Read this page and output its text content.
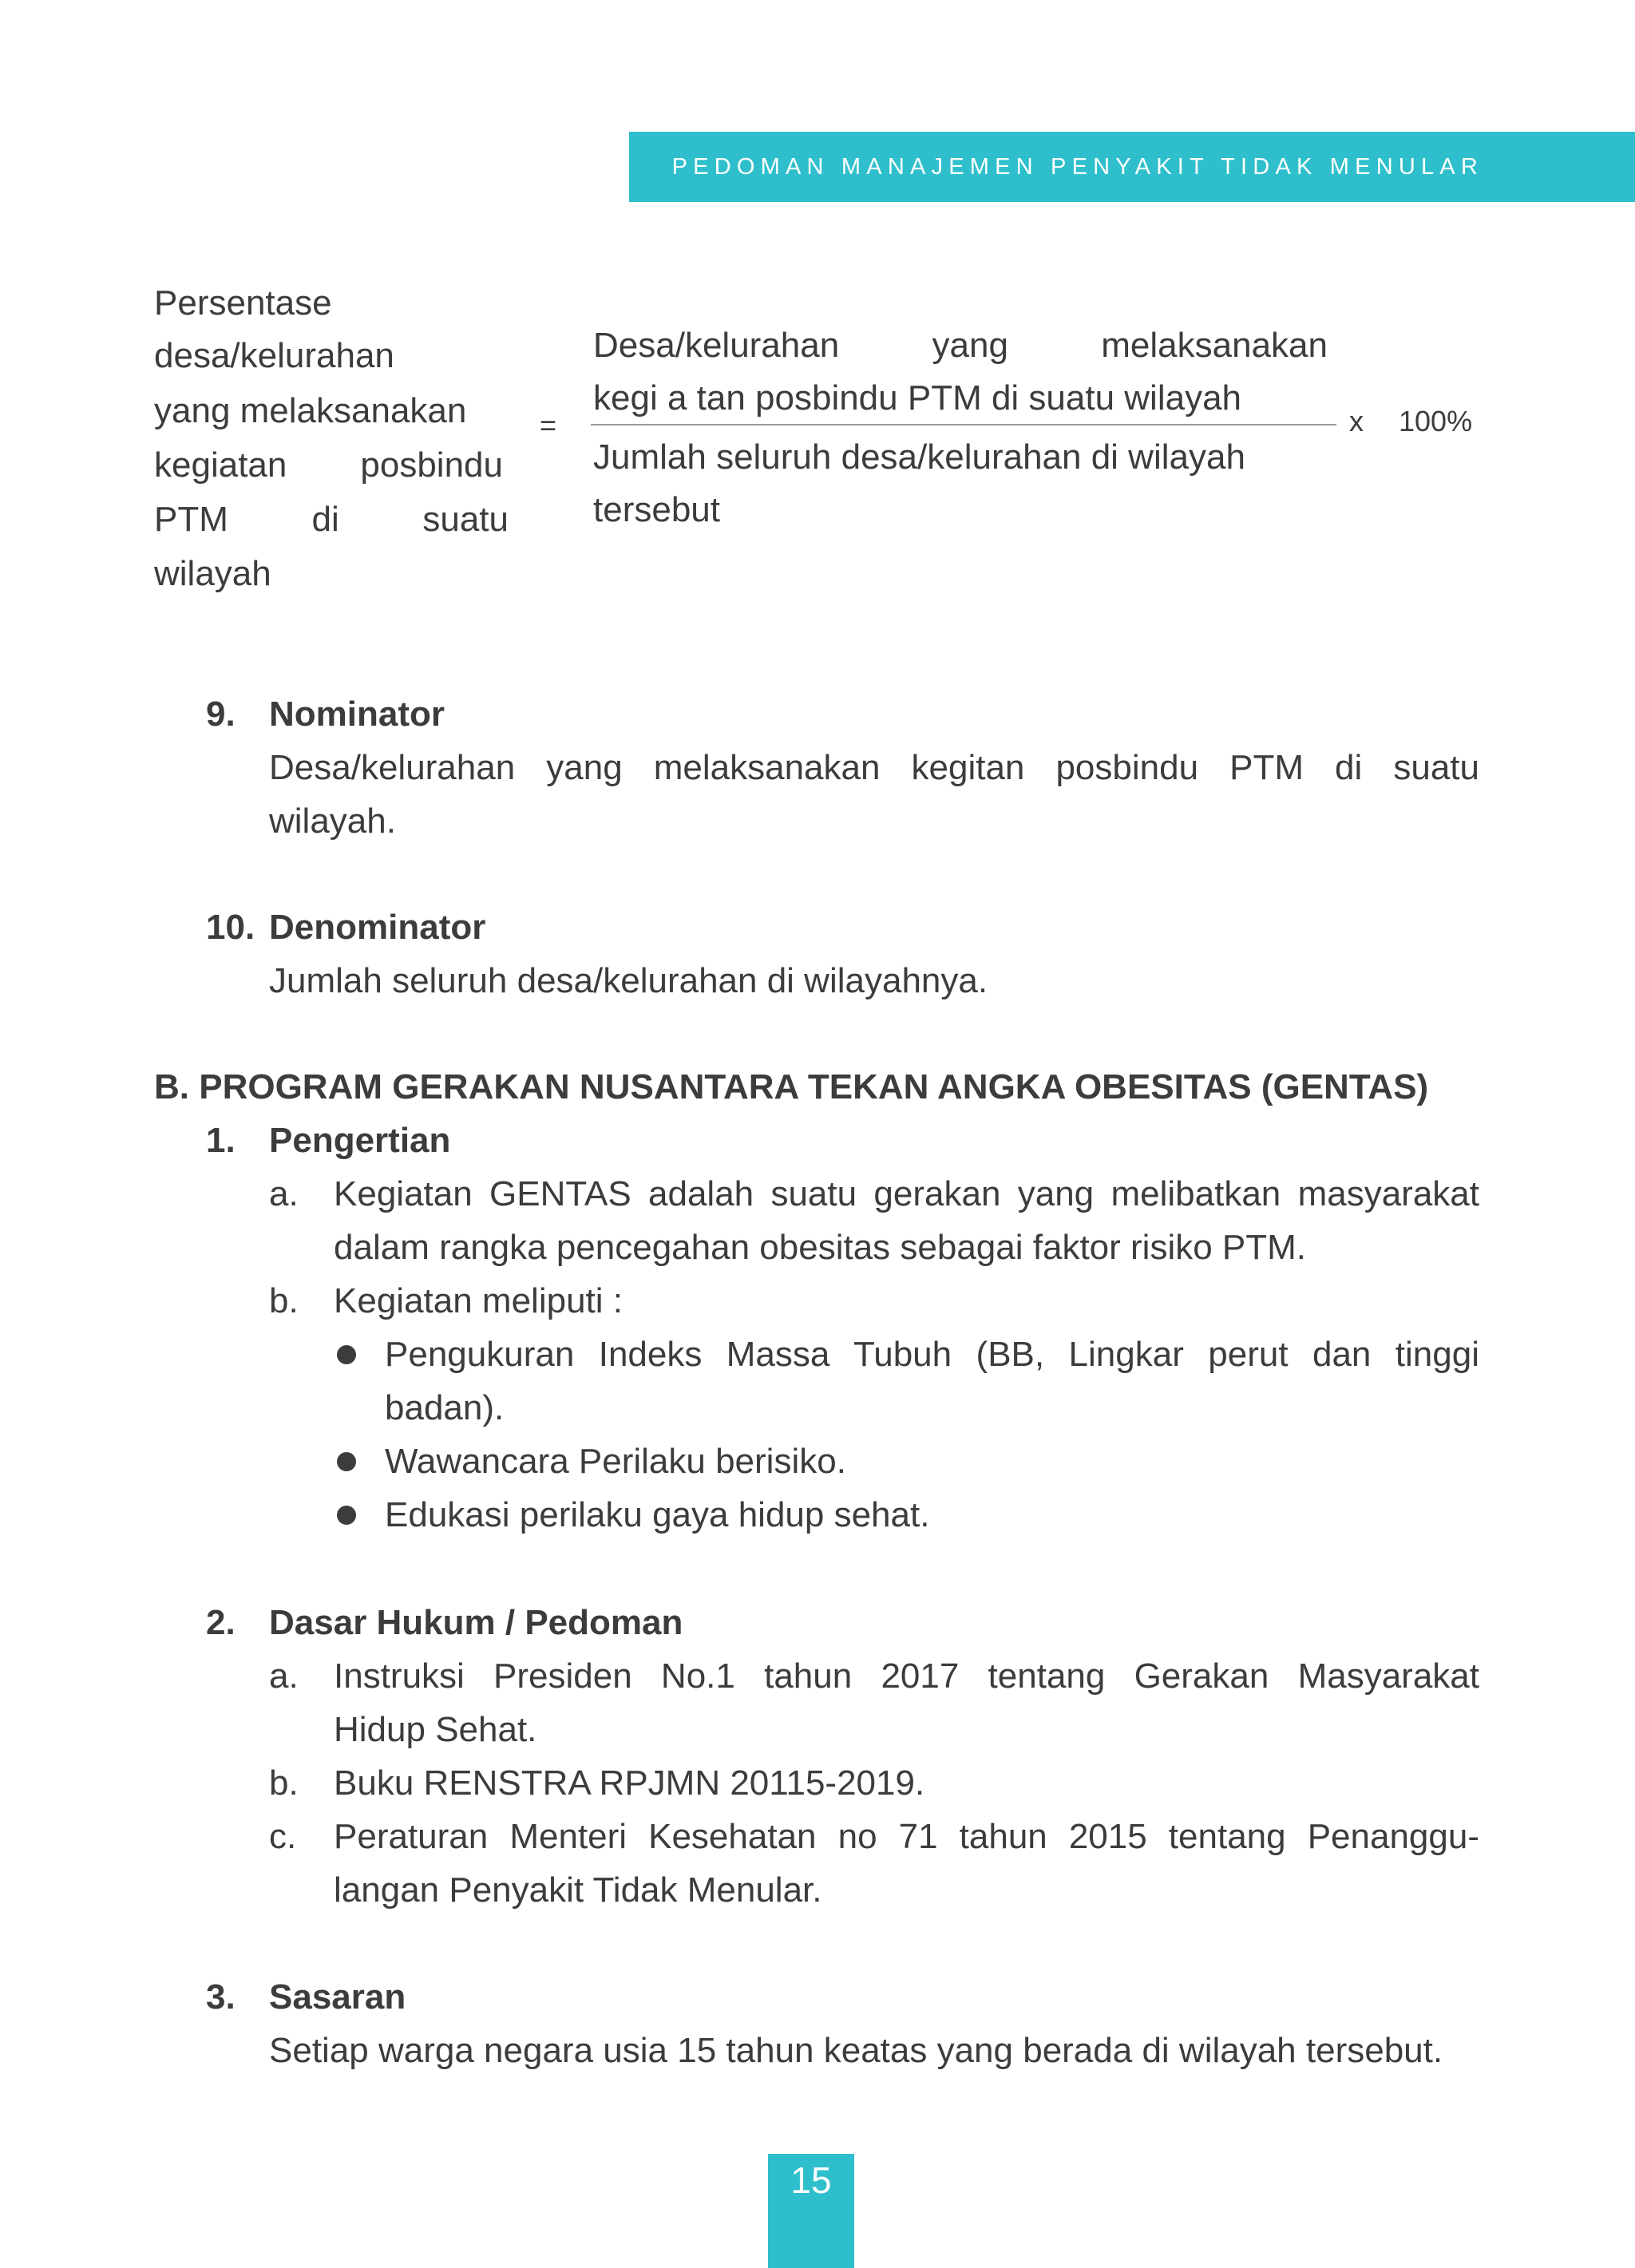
PEDOMAN MANAJEMEN PENYAKIT TIDAK MENULAR
Persentase
desa/kelurahan
yang melaksanakan
kegiatan posbindu
PTM di suatu
wilayah
=
Desa/kelurahan yang melaksanakan
kegi a tan posbindu PTM di suatu wilayah
Jumlah seluruh desa/kelurahan di wilayah
tersebut
x 100%
9. Nominator
Desa/kelurahan yang melaksanakan kegitan posbindu PTM di suatu
wilayah.
10. Denominator
Jumlah seluruh desa/kelurahan di wilayahnya.
B. PROGRAM GERAKAN NUSANTARA TEKAN ANGKA OBESITAS (GENTAS)
1. Pengertian
a. Kegiatan GENTAS adalah suatu gerakan yang melibatkan masyarakat
dalam rangka pencegahan obesitas sebagai faktor risiko PTM.
b. Kegiatan meliputi :
Pengukuran Indeks Massa Tubuh (BB, Lingkar perut dan tinggi
badan).
Wawancara Perilaku berisiko.
Edukasi perilaku gaya hidup sehat.
2. Dasar Hukum / Pedoman
a. Instruksi Presiden No.1 tahun 2017 tentang Gerakan Masyarakat
Hidup Sehat.
b. Buku RENSTRA RPJMN 20115-2019.
c. Peraturan Menteri Kesehatan no 71 tahun 2015 tentang Penanggu-
langan Penyakit Tidak Menular.
3. Sasaran
Setiap warga negara usia 15 tahun keatas yang berada di wilayah tersebut.
15
